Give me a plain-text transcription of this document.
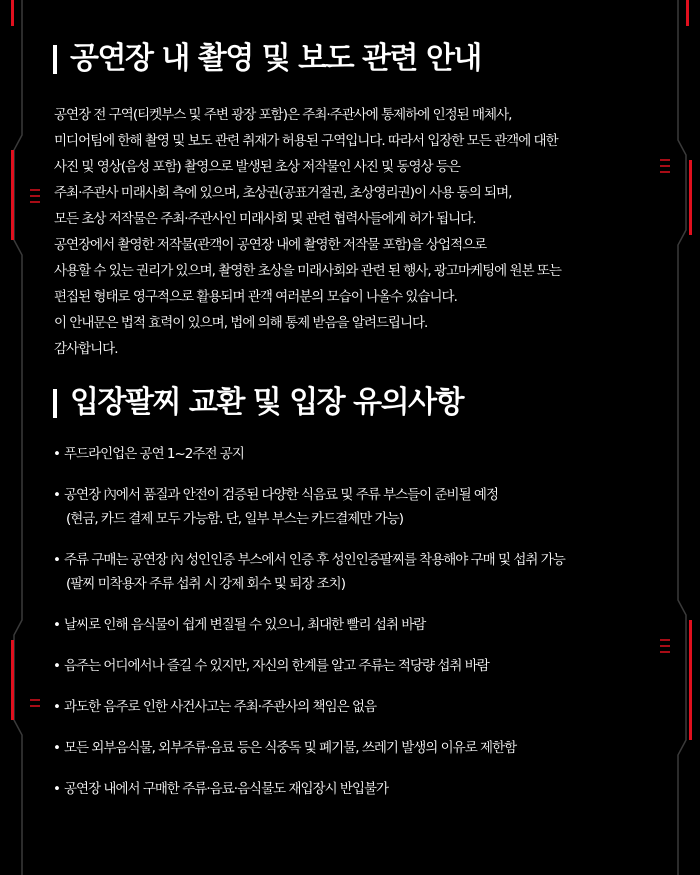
공연장 내 촬영 및 보도 관련 안내
공연장 전 구역(티켓부스 및 주변 광장 포함)은 주최·주관사에 통제하에 인정된 매체사,
미디어팀에 한해 촬영 및 보도 관련 취재가 허용된 구역입니다. 따라서 입장한 모든 관객에 대한
사진 및 영상(음성 포함) 촬영으로 발생된 초상 저작물인 사진 및 동영상 등은
주최·주관사 미래사회 측에 있으며, 초상권(공표거절권, 초상영리권)이 사용 동의 되며,
모든 초상 저작물은 주최·주관사인 미래사회 및 관련 협력사들에게 허가 됩니다.
공연장에서 촬영한 저작물(관객이 공연장 내에 촬영한 저작물 포함)을 상업적으로
사용할 수 있는 권리가 있으며, 촬영한 초상을 미래사회와 관련 된 행사, 광고마케팅에 원본 또는
편집된 형태로 영구적으로 활용되며 관객 여러분의 모습이 나올수 있습니다.
이 안내문은 법적 효력이 있으며, 법에 의해 통제 받음을 알려드립니다.
감사합니다.
입장팔찌 교환 및 입장 유의사항
• 푸드라인업은 공연 1~2주전 공지
• 공연장 內에서 품질과 안전이 검증된 다양한 식음료 및 주류 부스들이 준비될 예정
(현금, 카드 결제 모두 가능함. 단, 일부 부스는 카드결제만 가능)
• 주류 구매는 공연장 內 성인인증 부스에서 인증 후 성인인증팔찌를 착용해야 구매 및 섭취 가능
(팔찌 미착용자 주류 섭취 시 강제 회수 및 퇴장 조치)
• 날씨로 인해 음식물이 쉽게 변질될 수 있으니, 최대한 빨리 섭취 바람
• 음주는 어디에서나 즐길 수 있지만, 자신의 한계를 알고 주류는 적당량 섭취 바람
• 과도한 음주로 인한 사건사고는 주최·주관사의 책임은 없음
• 모든 외부음식물, 외부주류·음료 등은 식중독 및 폐기물, 쓰레기 발생의 이유로 제한함
• 공연장 내에서 구매한 주류·음료·음식물도 재입장시 반입불가
